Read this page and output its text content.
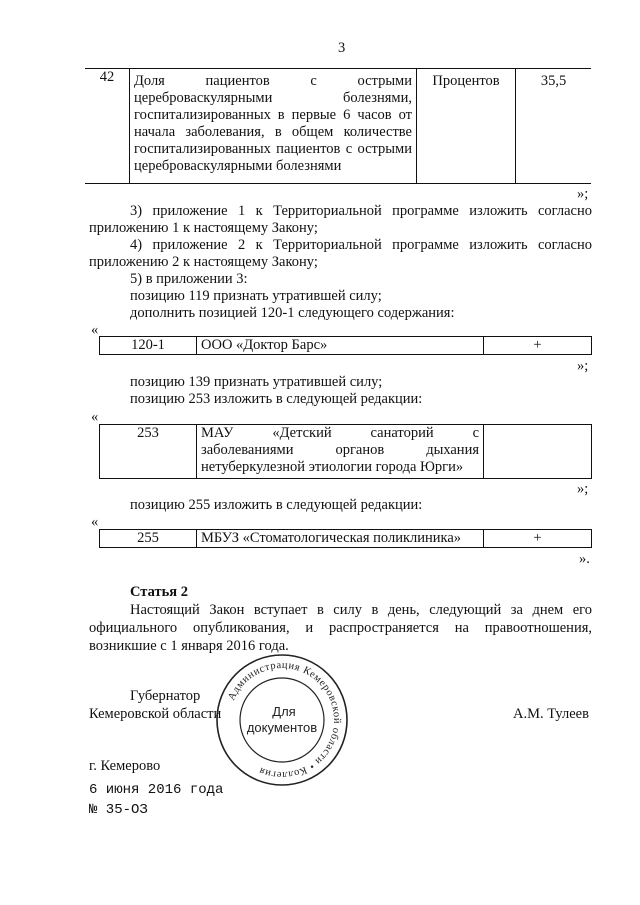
3
42	Доля пациентов с острыми
цереброваскулярными болезнями,
госпитализированных в первые 6 часов от
начала заболевания, в общем количестве
госпитализированных пациентов с острыми
цереброваскулярными болезнями
	Процентов	35,5
»;
3) приложение 1 к Территориальной программе изложить согласно
приложению 1 к настоящему Закону;
4) приложение 2 к Территориальной программе изложить согласно
приложению 2 к настоящему Закону;
5) в приложении 3:
позицию 119 признать утратившей силу;
дополнить позицией 120-1 следующего содержания:
«
120-1	ООО «Доктор Барс»	+
»;
позицию 139 признать утратившей силу;
позицию 253 изложить в следующей редакции:
«
253	МАУ «Детский санаторий с
заболеваниями органов дыхания
нетуберкулезной этиологии города Юрги»

»;
позицию 255 изложить в следующей редакции:
«
255	МБУЗ «Стоматологическая поликлиника»	+
».
Статья 2
Настоящий Закон вступает в силу в день, следующий за днем его
официального опубликования, и распространяется на правоотношения,
возникшие с 1 января 2016 года.
Губернатор
Кемеровской области	А.М. Тулеев
Администрация Кемеровской области • Коллегия
Для
документов
г. Кемерово
6 июня 2016 года
№ 35-ОЗ
